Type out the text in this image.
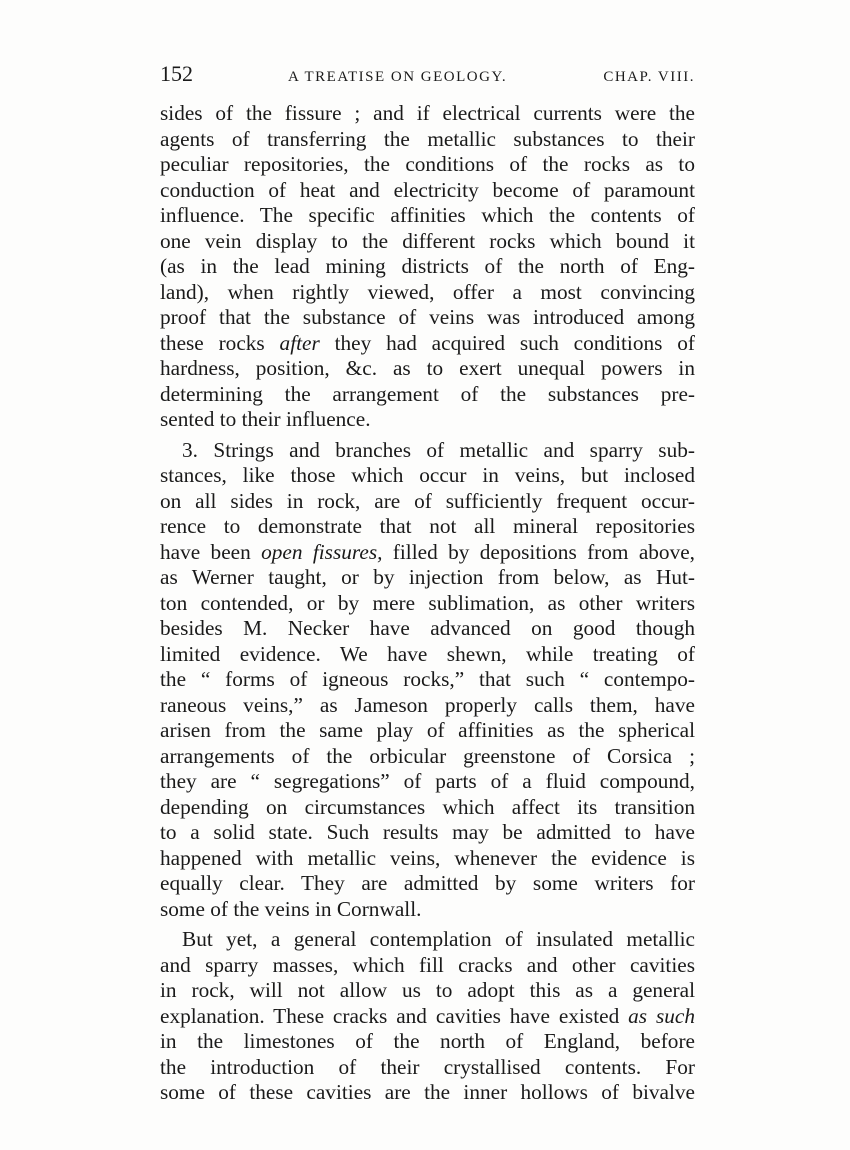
152	A TREATISE ON GEOLOGY.	CHAP. VIII.
sides of the fissure ; and if electrical currents were the
agents of transferring the metallic substances to their
peculiar repositories, the conditions of the rocks as to
conduction of heat and electricity become of paramount
influence. The specific affinities which the contents of
one vein display to the different rocks which bound it
(as in the lead mining districts of the north of Eng-
land), when rightly viewed, offer a most convincing
proof that the substance of veins was introduced among
these rocks after they had acquired such conditions of
hardness, position, &c. as to exert unequal powers in
determining the arrangement of the substances pre-
sented to their influence.
3. Strings and branches of metallic and sparry sub-
stances, like those which occur in veins, but inclosed
on all sides in rock, are of sufficiently frequent occur-
rence to demonstrate that not all mineral repositories
have been open fissures, filled by depositions from above,
as Werner taught, or by injection from below, as Hut-
ton contended, or by mere sublimation, as other writers
besides M. Necker have advanced on good though
limited evidence. We have shewn, while treating of
the “ forms of igneous rocks,” that such “ contempo-
raneous veins,” as Jameson properly calls them, have
arisen from the same play of affinities as the spherical
arrangements of the orbicular greenstone of Corsica ;
they are “ segregations” of parts of a fluid compound,
depending on circumstances which affect its transition
to a solid state. Such results may be admitted to have
happened with metallic veins, whenever the evidence is
equally clear. They are admitted by some writers for
some of the veins in Cornwall.
But yet, a general contemplation of insulated metallic
and sparry masses, which fill cracks and other cavities
in rock, will not allow us to adopt this as a general
explanation. These cracks and cavities have existed as such
in the limestones of the north of England, before
the introduction of their crystallised contents. For
some of these cavities are the inner hollows of bivalve
